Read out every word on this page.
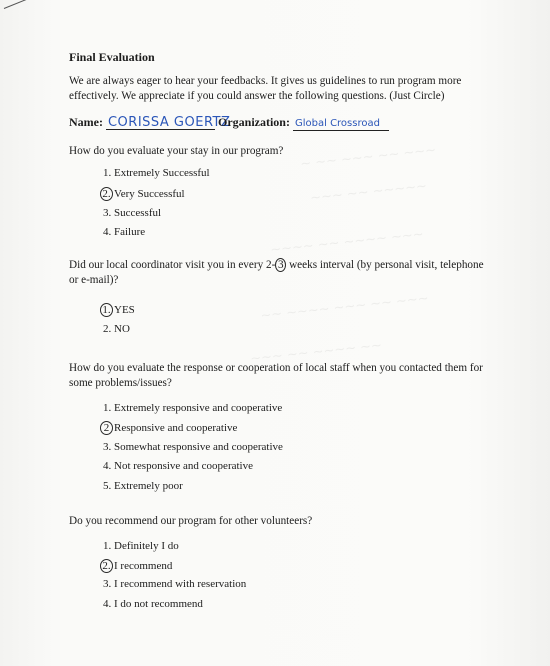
~ ~~ ~~~ ~~ ~~~
~~~ ~~ ~~~~~
~~~~ ~~ ~~~~ ~~~
~~ ~~~~ ~~~ ~~ ~~~
~~~ ~~ ~~~~ ~~
Final Evaluation
We are always eager to hear your feedbacks. It gives us guidelines to run program more effectively. We appreciate if you could answer the following questions. (Just Circle)
Name: CORISSA GOERTZ Organization: Global Crossroad
How do you evaluate your stay in our program?
1. Extremely Successful
2. Very Successful
3. Successful
4. Failure
Did our local coordinator visit you in every 2- 3 weeks interval (by personal visit, telephone or e-mail)?
1. YES
2. NO
How do you evaluate the response or cooperation of local staff when you contacted them for some problems/issues?
1. Extremely responsive and cooperative
2 Responsive and cooperative
3. Somewhat responsive and cooperative
4. Not responsive and cooperative
5. Extremely poor
Do you recommend our program for other volunteers?
1. Definitely I do
2. I recommend
3. I recommend with reservation
4. I do not recommend
